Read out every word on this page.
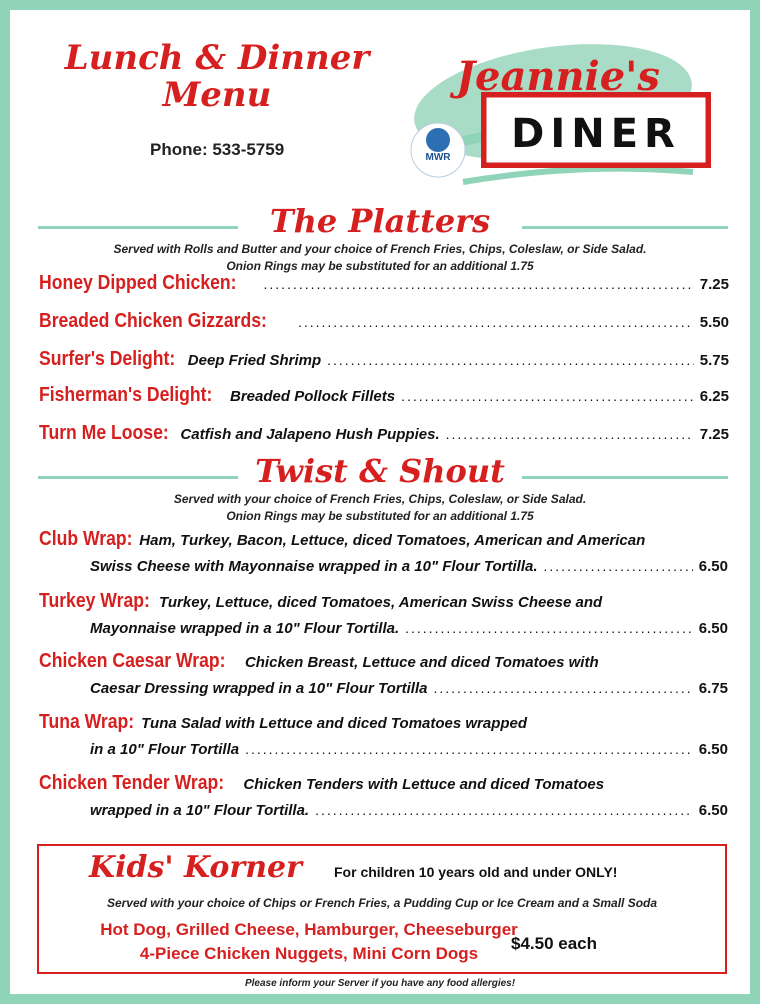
Lunch & Dinner
Menu
Phone: 533-5759	MWR
DINER
Jeannie's
The Platters
Served with Rolls and Butter and your choice of French Fries, Chips, Coleslaw, or Side Salad.
Onion Rings may be substituted for an additional 1.75
Honey Dipped Chicken: .....	7.25
Breaded Chicken Gizzards: .....	5.50
Surfer's Delight: Deep Fried Shrimp .....	5.75
Fisherman's Delight: Breaded Pollock Fillets .....	6.25
Turn Me Loose: Catfish and Jalapeno Hush Puppies. .....	7.25
Twist & Shout
Served with your choice of French Fries, Chips, Coleslaw, or Side Salad.
Onion Rings may be substituted for an additional 1.75
Club Wrap: Ham, Turkey, Bacon, Lettuce, diced Tomatoes, American and American
Swiss Cheese with Mayonnaise wrapped in a 10" Flour Tortilla. .....	6.50
Turkey Wrap: Turkey, Lettuce, diced Tomatoes, American Swiss Cheese and
Mayonnaise wrapped in a 10" Flour Tortilla. .....	6.50
Chicken Caesar Wrap: Chicken Breast, Lettuce and diced Tomatoes with
Caesar Dressing wrapped in a 10" Flour Tortilla .....	6.75
Tuna Wrap: Tuna Salad with Lettuce and diced Tomatoes wrapped
in a 10" Flour Tortilla .....	6.50
Chicken Tender Wrap: Chicken Tenders with Lettuce and diced Tomatoes
wrapped in a 10" Flour Tortilla. .....	6.50
Kids' Korner For children 10 years old and under ONLY!
Served with your choice of Chips or French Fries, a Pudding Cup or Ice Cream and a Small Soda
Hot Dog, Grilled Cheese, Hamburger, Cheeseburger
4-Piece Chicken Nuggets, Mini Corn Dogs
$4.50 each
Please inform your Server if you have any food allergies!
